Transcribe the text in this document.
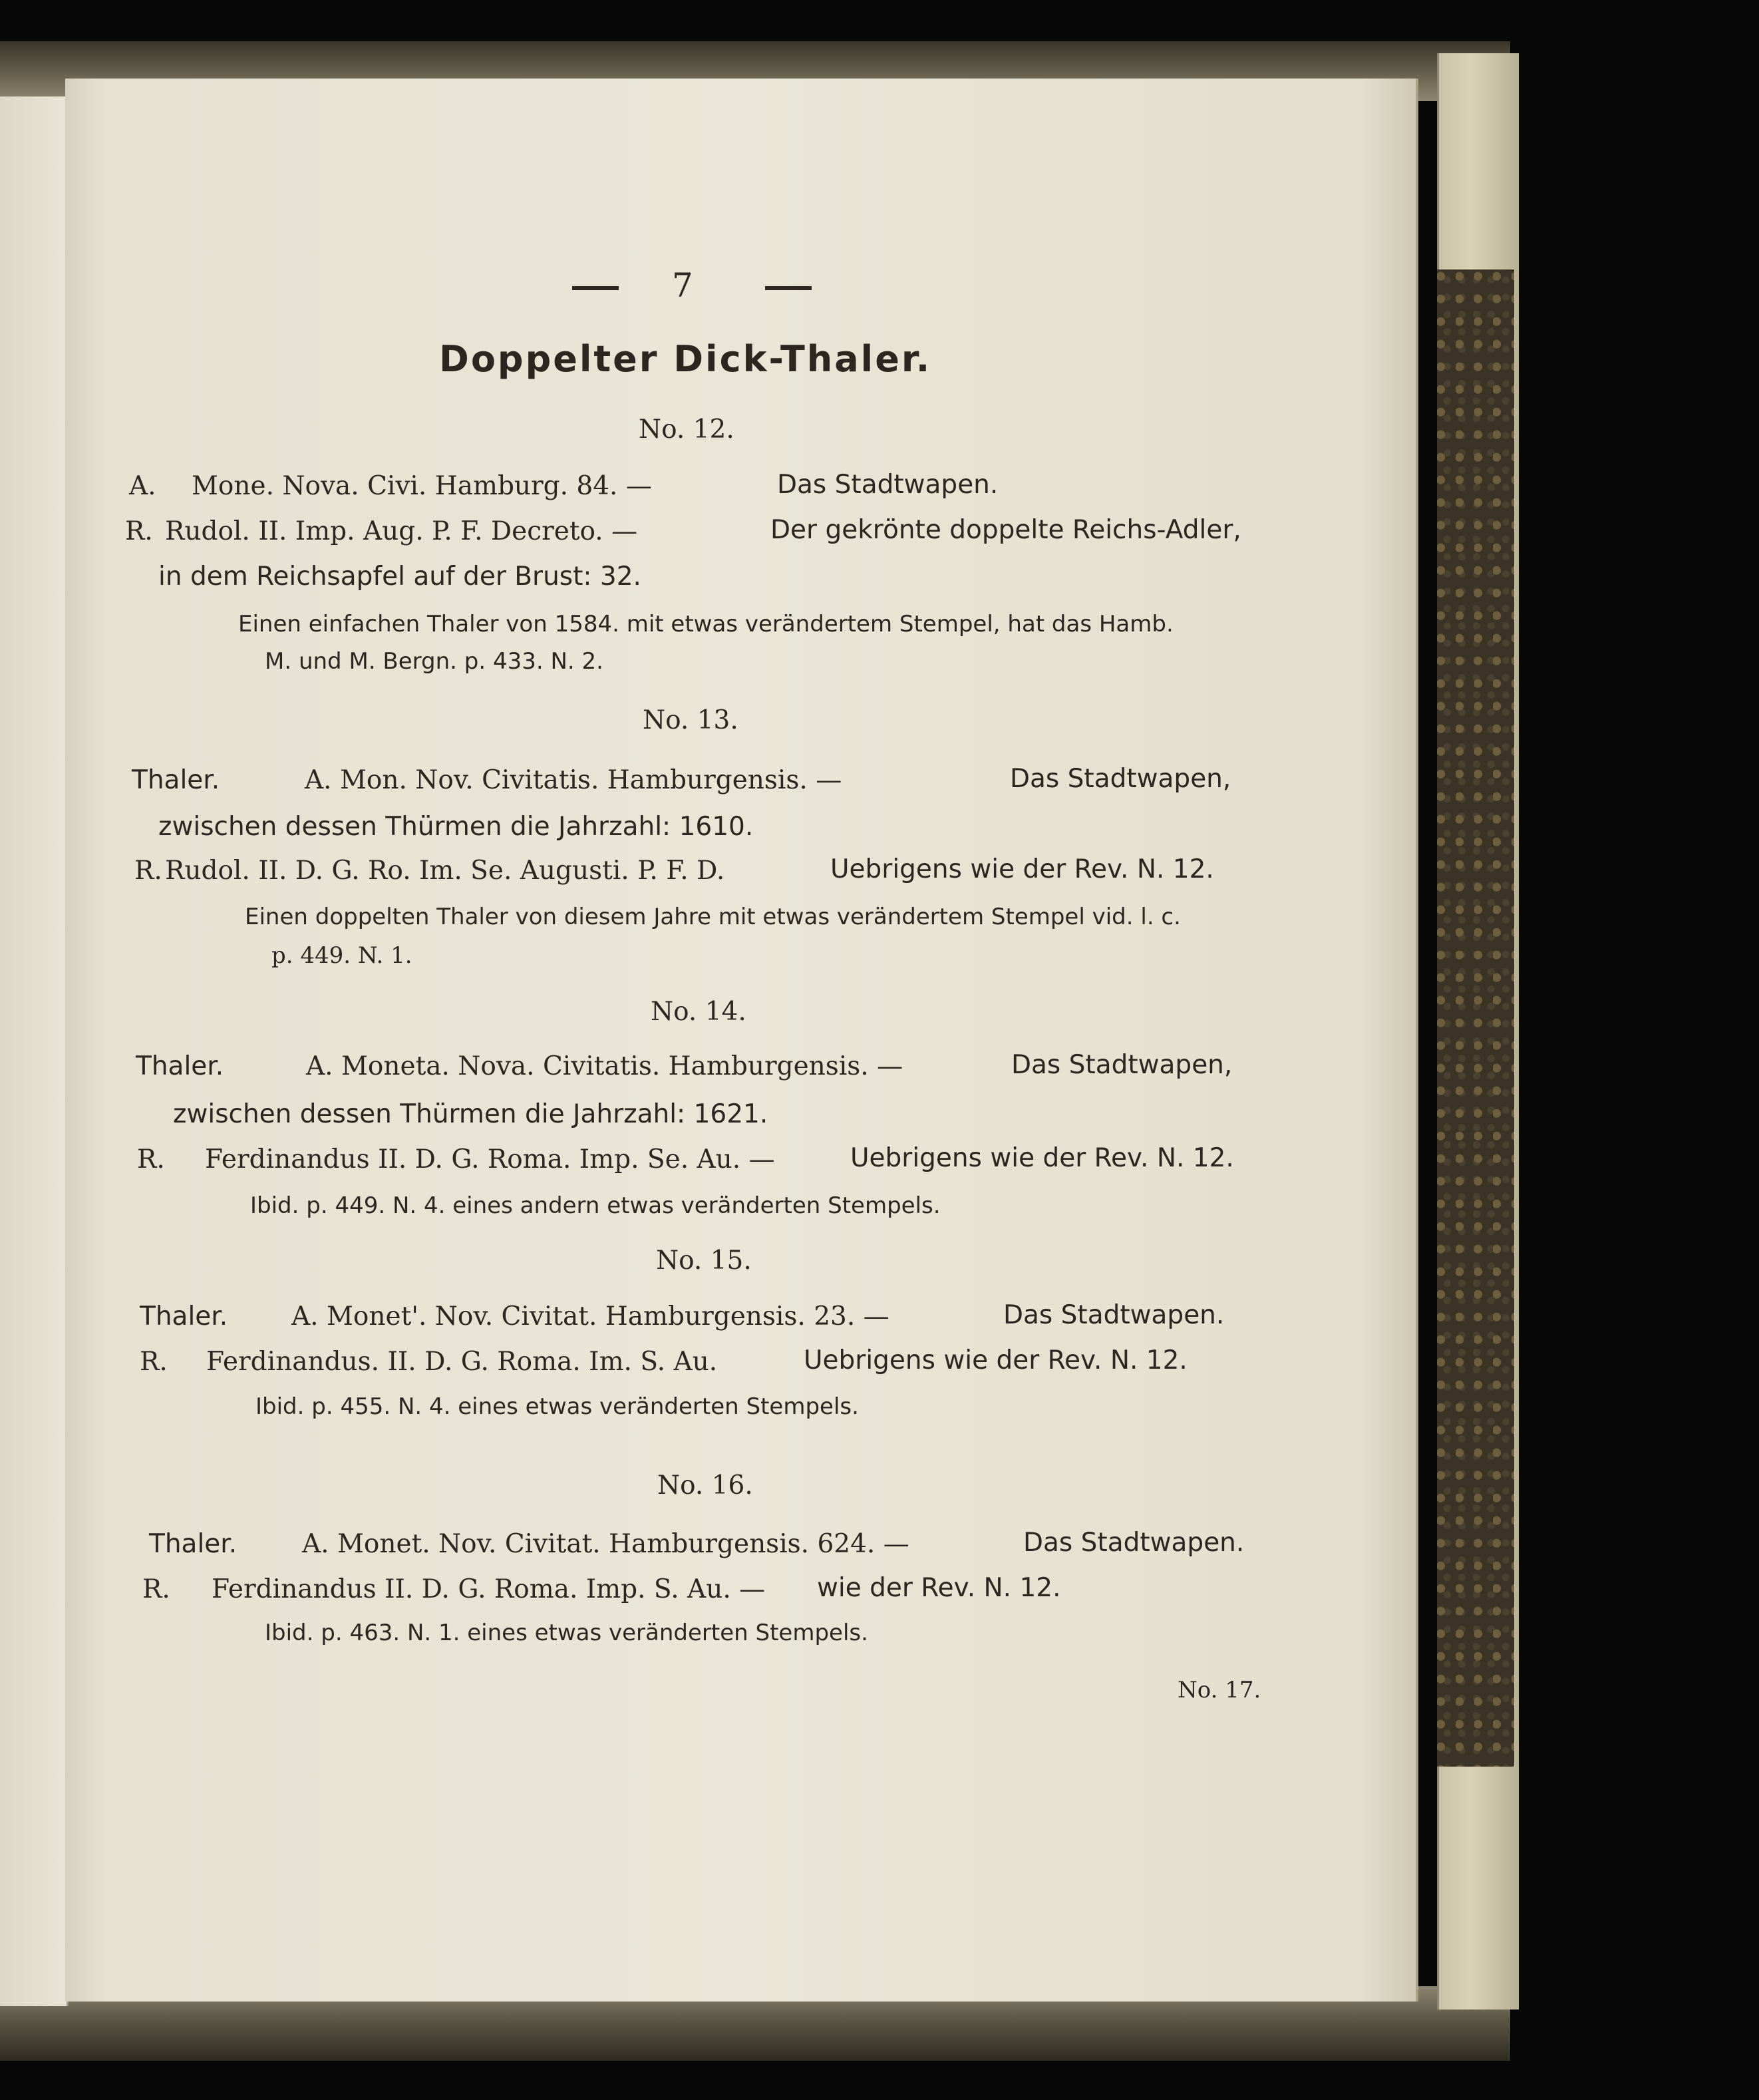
7
Doppelter Dick-Thaler.
No. 12.
A. Mone. Nova. Civi. Hamburg. 84. —	Das Stadtwapen.
R. Rudol. II. Imp. Aug. P. F. Decreto. —	Der gekrönte doppelte Reichs-Adler,
in dem Reichsapfel auf der Brust: 32.
Einen einfachen Thaler von 1584. mit etwas verändertem Stempel, hat das Hamb.
M. und M. Bergn. p. 433. N. 2.
No. 13.
Thaler.	A. Mon. Nov. Civitatis. Hamburgensis. —	Das Stadtwapen,
zwischen dessen Thürmen die Jahrzahl: 1610.
R. Rudol. II. D. G. Ro. Im. Se. Augusti. P. F. D.	Uebrigens wie der Rev. N. 12.
Einen doppelten Thaler von diesem Jahre mit etwas verändertem Stempel vid. l. c.
p. 449. N. 1.
No. 14.
Thaler.	A. Moneta. Nova. Civitatis. Hamburgensis. —	Das Stadtwapen,
zwischen dessen Thürmen die Jahrzahl: 1621.
R. Ferdinandus II. D. G. Roma. Imp. Se. Au. —	Uebrigens wie der Rev. N. 12.
Ibid. p. 449. N. 4. eines andern etwas veränderten Stempels.
No. 15.
Thaler. A. Monet'. Nov. Civitat. Hamburgensis. 23. —	Das Stadtwapen.
R. Ferdinandus. II. D. G. Roma. Im. S. Au.	Uebrigens wie der Rev. N. 12.
Ibid. p. 455. N. 4. eines etwas veränderten Stempels.
No. 16.
Thaler.	A. Monet. Nov. Civitat. Hamburgensis. 624. —	Das Stadtwapen.
R. Ferdinandus II. D. G. Roma. Imp. S. Au. — wie der Rev. N. 12.
Ibid. p. 463. N. 1. eines etwas veränderten Stempels.
No. 17.
